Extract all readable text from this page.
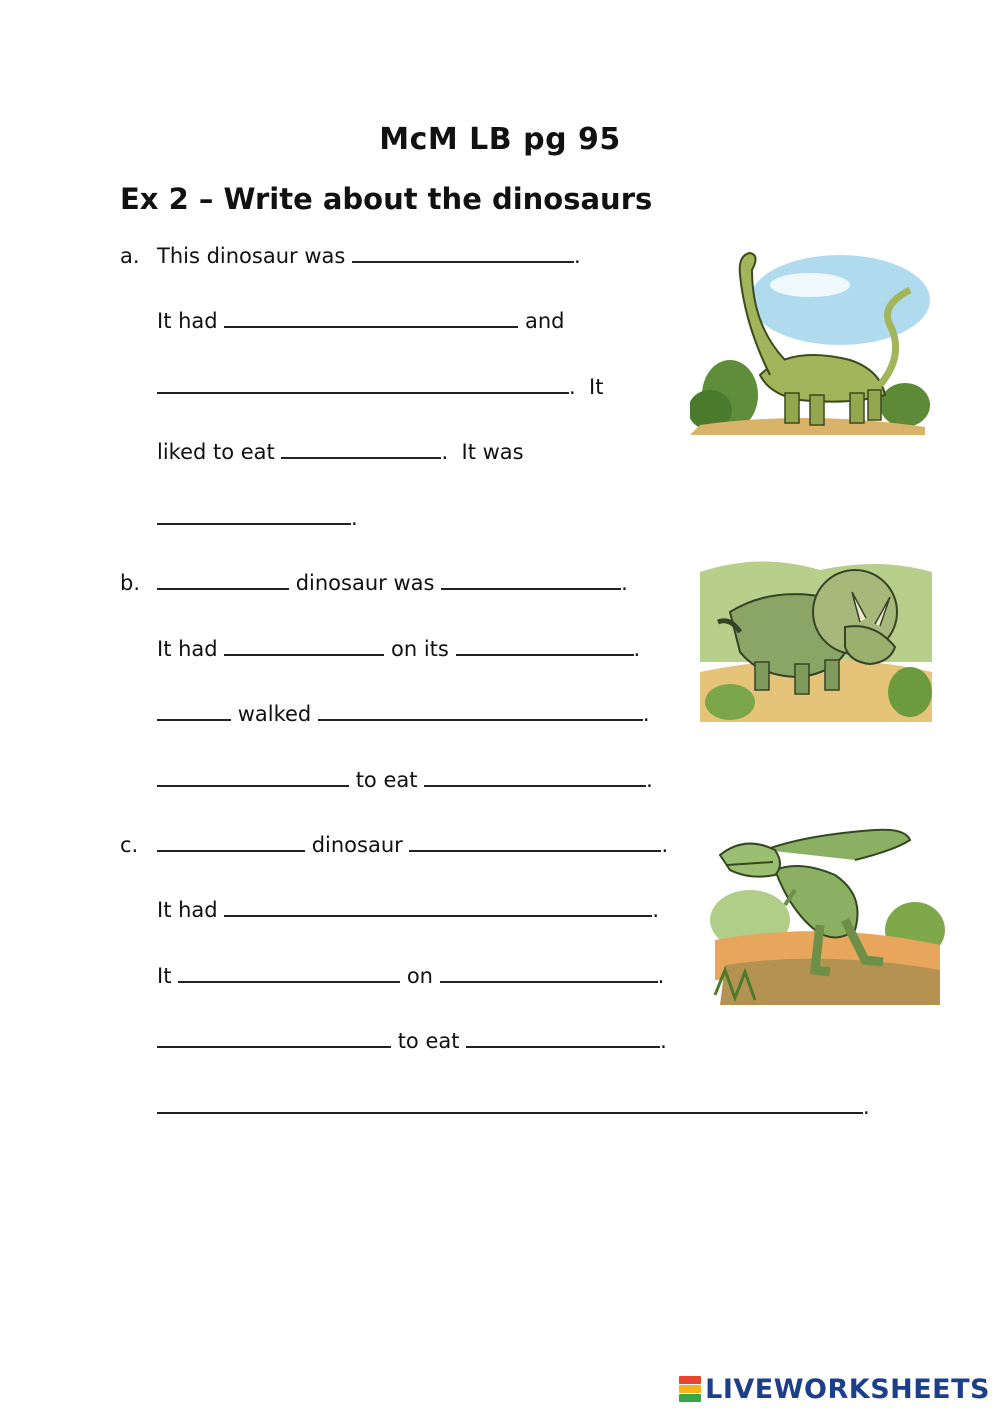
McM LB pg 95
Ex 2 – Write about the dinosaurs
a. This dinosaur was	.
It had	and
. It
liked to eat	. It was
.
b.	dinosaur was	.
It had	on its	.
walked	.
to eat	.
c.	dinosaur	.
It had	.
It	on	.
to eat	.
.
LIVEWORKSHEETS
